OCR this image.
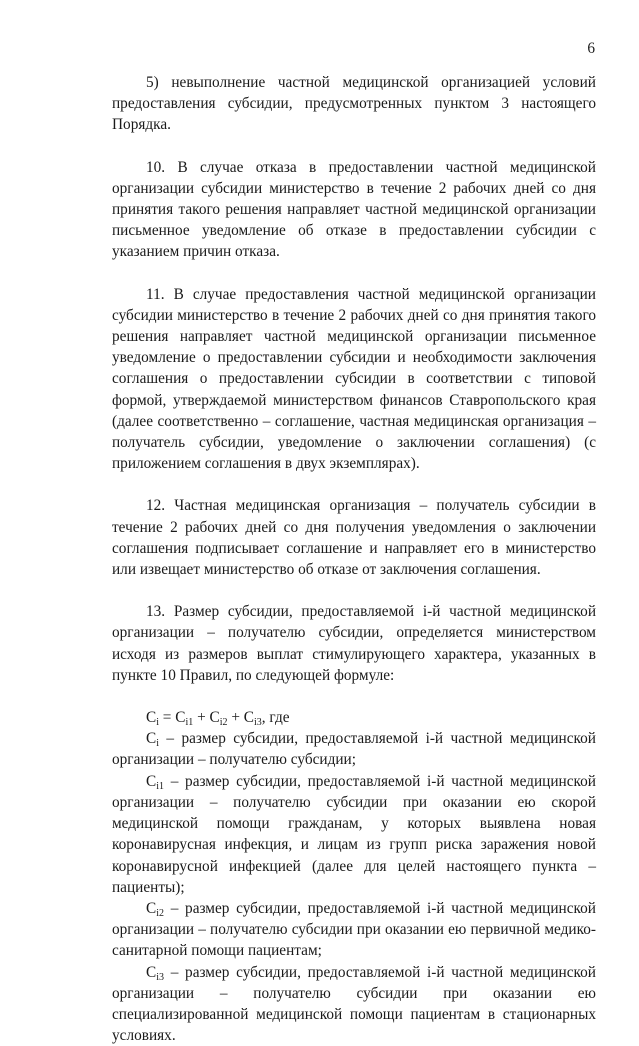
6

5) невыполнение частной медицинской организацией условий предоставления субсидии, предусмотренных пунктом 3 настоящего Порядка.

10. В случае отказа в предоставлении частной медицинской организации субсидии министерство в течение 2 рабочих дней со дня принятия такого решения направляет частной медицинской организации письменное уведомление об отказе в предоставлении субсидии с указанием причин отказа.

11. В случае предоставления частной медицинской организации субсидии министерство в течение 2 рабочих дней со дня принятия такого решения направляет частной медицинской организации письменное уведомление о предоставлении субсидии и необходимости заключения соглашения о предоставлении субсидии в соответствии с типовой формой, утверждаемой министерством финансов Ставропольского края (далее соответственно – соглашение, частная медицинская организация – получатель субсидии, уведомление о заключении соглашения) (с приложением соглашения в двух экземплярах).

12. Частная медицинская организация – получатель субсидии в течение 2 рабочих дней со дня получения уведомления о заключении соглашения подписывает соглашение и направляет его в министерство или извещает министерство об отказе от заключения соглашения.

13. Размер субсидии, предоставляемой i-й частной медицинской организации – получателю субсидии, определяется министерством исходя из размеров выплат стимулирующего характера, указанных в пункте 10 Правил, по следующей формуле:

$C_i = C_{i1} + C_{i2} + C_{i3}$, где

$C_i$ – размер субсидии, предоставляемой i-й частной медицинской организации – получателю субсидии;

$C_{i1}$ – размер субсидии, предоставляемой i-й частной медицинской организации – получателю субсидии при оказании ею скорой медицинской помощи гражданам, у которых выявлена новая коронавирусная инфекция, и лицам из групп риска заражения новой коронавирусной инфекцией (далее для целей настоящего пункта – пациенты);

$C_{i2}$ – размер субсидии, предоставляемой i-й частной медицинской организации – получателю субсидии при оказании ею первичной медико-санитарной помощи пациентам;

$C_{i3}$ – размер субсидии, предоставляемой i-й частной медицинской организации – получателю субсидии при оказании ею специализированной медицинской помощи пациентам в стационарных условиях.
